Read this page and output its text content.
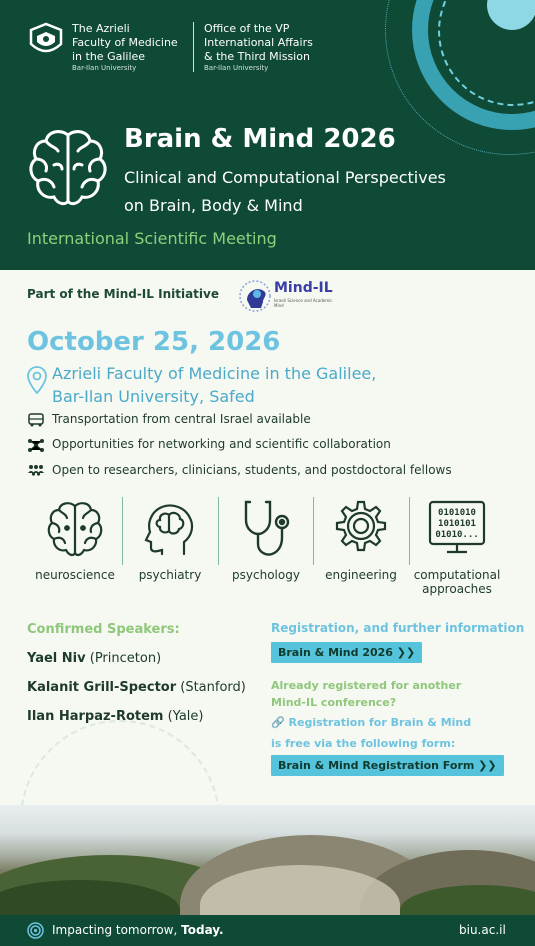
The Azrieli
Faculty of Medicine
in the Galilee
Bar-Ilan University
Office of the VP
International Affairs
& the Third Mission
Bar-Ilan University
Brain & Mind 2026
Clinical and Computational Perspectives
on Brain, Body & Mind
International Scientific Meeting
Part of the Mind-IL Initiative	Mind-IL
Israeli Science and Academic Mind
October 25, 2026
Azrieli Faculty of Medicine in the Galilee,
Bar-Ilan University, Safed
Transportation from central Israel available
Opportunities for networking and scientific collaboration
Open to researchers, clinicians, students, and postdoctoral fellows
neuroscience	psychiatry	psychology	engineering
0101010
1010101
01010...
computational
approaches
Confirmed Speakers:
Yael Niv (Princeton)
Kalanit Grill-Spector (Stanford)
Ilan Harpaz-Rotem (Yale)
Registration, and further information
Brain & Mind 2026 ❯❯
Already registered for another
Mind-IL conference?
🔗 Registration for Brain & Mind
is free via the following form:
Brain & Mind Registration Form ❯❯
Impacting tomorrow, Today.	biu.ac.il
